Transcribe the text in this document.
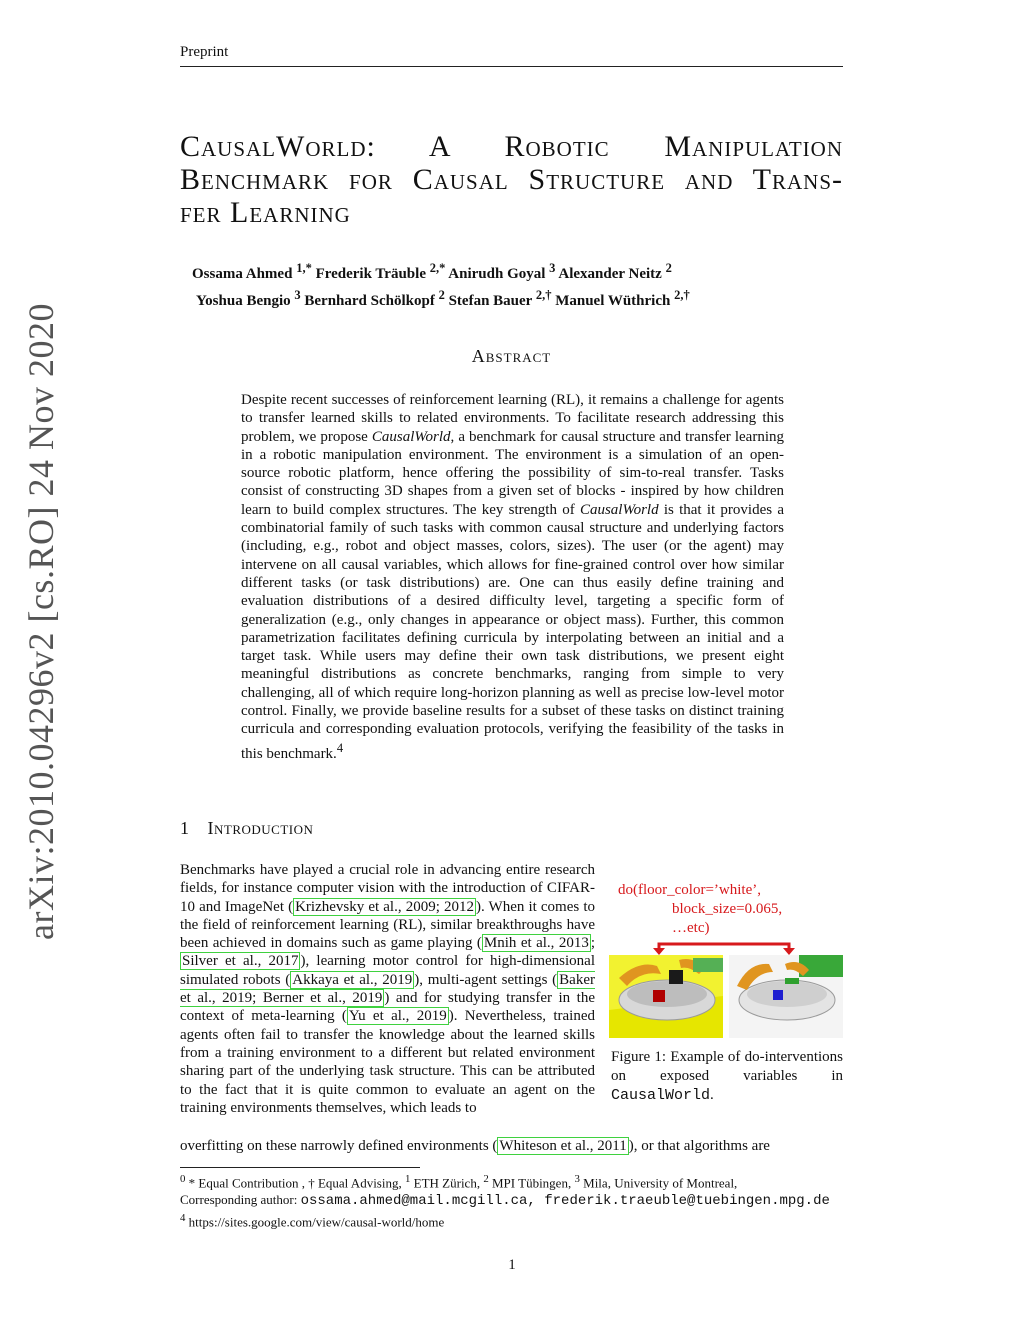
Preprint
arXiv:2010.04296v2 [cs.RO] 24 Nov 2020
CausalWorld: A Robotic Manipulation
Benchmark for Causal Structure and Trans-
fer Learning
Ossama Ahmed $^{1,*}$ Frederik Träuble $^{2,*}$ Anirudh Goyal $^3$ Alexander Neitz $^2$
Yoshua Bengio $^3$ Bernhard Schölkopf $^2$ Stefan Bauer $^{2,\dagger}$ Manuel Wüthrich $^{2,\dagger}$
Abstract
Despite recent successes of reinforcement learning (RL), it remains a challenge for agents to transfer learned skills to related environments. To facilitate research addressing this problem, we propose CausalWorld, a benchmark for causal structure and transfer learning in a robotic manipulation environment. The environment is a simulation of an open-source robotic platform, hence offering the possibility of sim-to-real transfer. Tasks consist of constructing 3D shapes from a given set of blocks - inspired by how children learn to build complex structures. The key strength of CausalWorld is that it provides a combinatorial family of such tasks with common causal structure and underlying factors (including, e.g., robot and object masses, colors, sizes). The user (or the agent) may intervene on all causal variables, which allows for fine-grained control over how similar different tasks (or task distributions) are. One can thus easily define training and evaluation distributions of a desired difficulty level, targeting a specific form of generalization (e.g., only changes in appearance or object mass). Further, this common parametrization facilitates defining curricula by interpolating between an initial and a target task. While users may define their own task distributions, we present eight meaningful distributions as concrete benchmarks, ranging from simple to very challenging, all of which require long-horizon planning as well as precise low-level motor control. Finally, we provide baseline results for a subset of these tasks on distinct training curricula and corresponding evaluation protocols, verifying the feasibility of the tasks in this benchmark.$^4$
1 Introduction
Benchmarks have played a crucial role in advancing entire research fields, for instance computer vision with the introduction of CIFAR-10 and ImageNet ( Krizhevsky et al., 2009; 2012 ). When it comes to the field of reinforcement learning (RL), similar breakthroughs have been achieved in domains such as game playing ( Mnih et al., 2013 ; Silver et al., 2017 ), learning motor control for high-dimensional simulated robots ( Akkaya et al., 2019 ), multi-agent settings ( Baker et al., 2019; Berner et al., 2019 ) and for studying transfer in the context of meta-learning ( Yu et al., 2019 ). Nevertheless, trained agents often fail to transfer the knowledge about the learned skills from a training environment to a different but related environment sharing part of the underlying task structure. This can be attributed to the fact that it is quite common to evaluate an agent on the training environments themselves, which leads to
overfitting on these narrowly defined environments ( Whiteson et al., 2011 ), or that algorithms are
do(floor_color=’white’,
block_size=0.065,
…etc)
Figure 1: Example of do-interventions on exposed variables in CausalWorld.
$^0$ * Equal Contribution , † Equal Advising, $^1$ ETH Zürich, $^2$ MPI Tübingen, $^3$ Mila, University of Montreal,
Corresponding author: ossama.ahmed@mail.mcgill.ca, frederik.traeuble@tuebingen.mpg.de
$^4$ https://sites.google.com/view/causal-world/home
1
